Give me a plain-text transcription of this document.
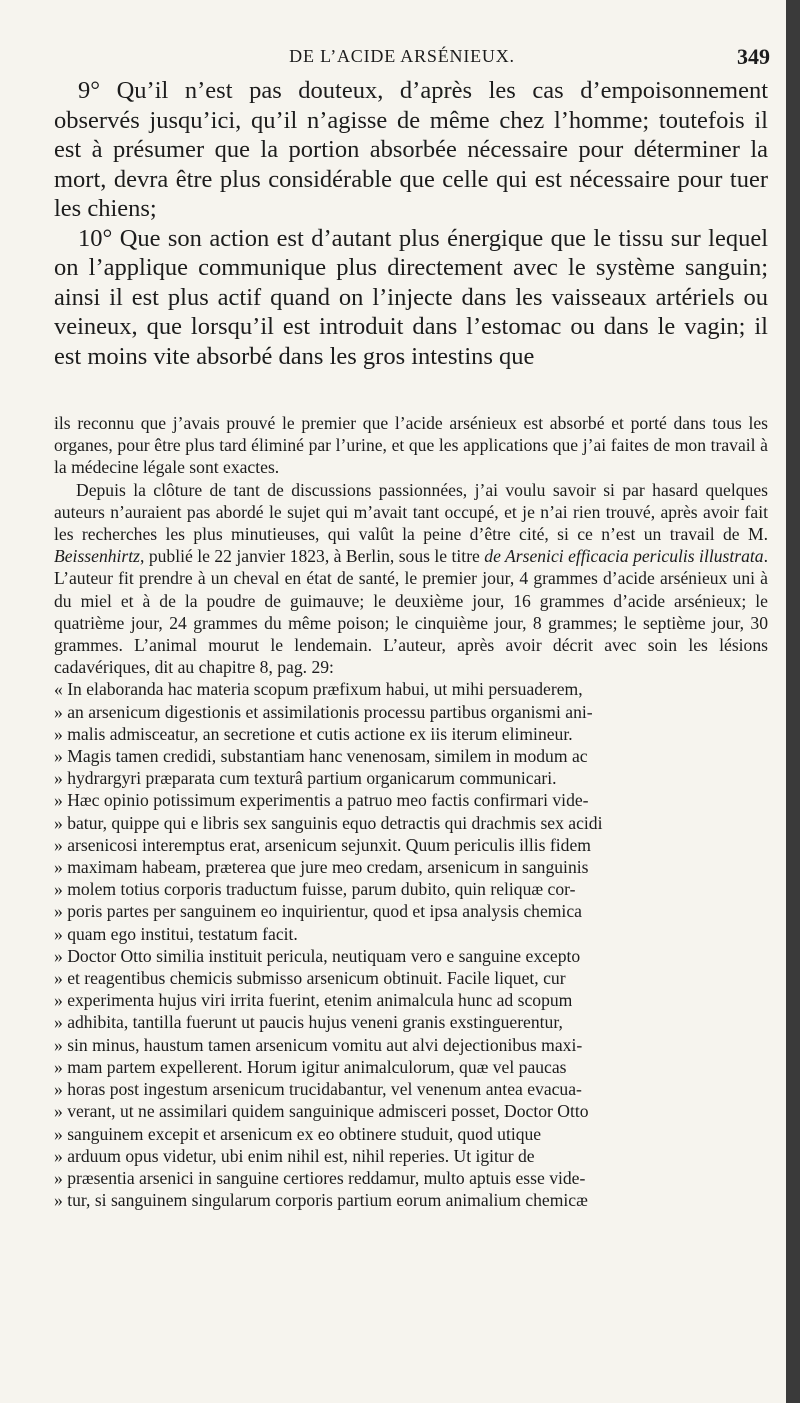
DE L’ACIDE ARSÉNIEUX.	349

9° Qu’il n’est pas douteux, d’après les cas d’empoisonnement observés jusqu’ici, qu’il n’agisse de même chez l’homme; toutefois il est à présumer que la portion absorbée nécessaire pour déterminer la mort, devra être plus considérable que celle qui est nécessaire pour tuer les chiens;

10° Que son action est d’autant plus énergique que le tissu sur lequel on l’applique communique plus directement avec le système sanguin; ainsi il est plus actif quand on l’injecte dans les vaisseaux artériels ou veineux, que lorsqu’il est introduit dans l’estomac ou dans le vagin; il est moins vite absorbé dans les gros intestins que

ils reconnu que j’avais prouvé le premier que l’acide arsénieux est absorbé et porté dans tous les organes, pour être plus tard éliminé par l’urine, et que les applications que j’ai faites de mon travail à la médecine légale sont exactes.

Depuis la clôture de tant de discussions passionnées, j’ai voulu savoir si par hasard quelques auteurs n’auraient pas abordé le sujet qui m’avait tant occupé, et je n’ai rien trouvé, après avoir fait les recherches les plus minutieuses, qui valût la peine d’être cité, si ce n’est un travail de M. Beissenhirtz, publié le 22 janvier 1823, à Berlin, sous le titre de Arsenici efficacia periculis illustrata. L’auteur fit prendre à un cheval en état de santé, le premier jour, 4 grammes d’acide arsénieux uni à du miel et à de la poudre de guimauve; le deuxième jour, 16 grammes d’acide arsénieux; le quatrième jour, 24 grammes du même poison; le cinquième jour, 8 grammes; le septième jour, 30 grammes. L’animal mourut le lendemain. L’auteur, après avoir décrit avec soin les lésions cadavériques, dit au chapitre 8, pag. 29:

« In elaboranda hac materia scopum præfixum habui, ut mihi persuaderem,
» an arsenicum digestionis et assimilationis processu partibus organismi ani-
» malis admisceatur, an secretione et cutis actione ex iis iterum elimineur.
» Magis tamen credidi, substantiam hanc venenosam, similem in modum ac
» hydrargyri præparata cum texturâ partium organicarum communicari.
» Hæc opinio potissimum experimentis a patruo meo factis confirmari vide-
» batur, quippe qui e libris sex sanguinis equo detractis qui drachmis sex acidi
» arsenicosi interemptus erat, arsenicum sejunxit. Quum periculis illis fidem
» maximam habeam, præterea que jure meo credam, arsenicum in sanguinis
» molem totius corporis traductum fuisse, parum dubito, quin reliquæ cor-
» poris partes per sanguinem eo inquirientur, quod et ipsa analysis chemica
» quam ego institui, testatum facit.
» Doctor Otto similia instituit pericula, neutiquam vero e sanguine excepto
» et reagentibus chemicis submisso arsenicum obtinuit. Facile liquet, cur
» experimenta hujus viri irrita fuerint, etenim animalcula hunc ad scopum
» adhibita, tantilla fuerunt ut paucis hujus veneni granis exstinguerentur,
» sin minus, haustum tamen arsenicum vomitu aut alvi dejectionibus maxi-
» mam partem expellerent. Horum igitur animalculorum, quæ vel paucas
» horas post ingestum arsenicum trucidabantur, vel venenum antea evacua-
» verant, ut ne assimilari quidem sanguinique admisceri posset, Doctor Otto
» sanguinem excepit et arsenicum ex eo obtinere studuit, quod utique
» arduum opus videtur, ubi enim nihil est, nihil reperies. Ut igitur de
» præsentia arsenici in sanguine certiores reddamur, multo aptuis esse vide-
» tur, si sanguinem singularum corporis partium eorum animalium chemicæ
